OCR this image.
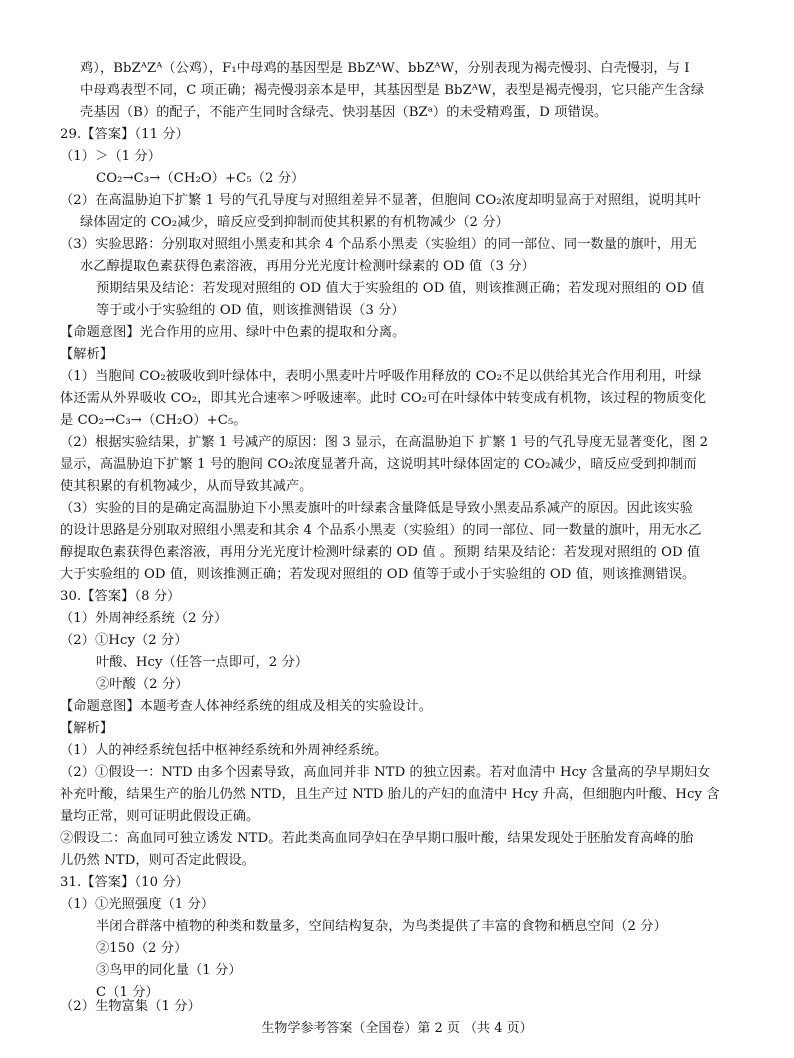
鸡），BbZᴬZᴬ（公鸡），F₁中母鸡的基因型是 BbZᴬW、bbZᴬW，分别表现为褐壳慢羽、白壳慢羽，与 I
中母鸡表型不同，C 项正确；褐壳慢羽亲本是甲，其基因型是 BbZᴬW，表型是褐壳慢羽，它只能产生含绿
壳基因（B）的配子，不能产生同时含绿壳、快羽基因（BZᵃ）的未受精鸡蛋，D 项错误。
29.【答案】（11 分）
（1）＞（1 分）
CO₂→C₃→（CH₂O）+C₅（2 分）
（2）在高温胁迫下扩繁 1 号的气孔导度与对照组差异不显著，但胞间 CO₂浓度却明显高于对照组，说明其叶
绿体固定的 CO₂减少，暗反应受到抑制而使其积累的有机物减少（2 分）
（3）实验思路：分别取对照组小黑麦和其余 4 个品系小黑麦（实验组）的同一部位、同一数量的旗叶，用无
水乙醇提取色素获得色素溶液，再用分光光度计检测叶绿素的 OD 值（3 分）
预期结果及结论：若发现对照组的 OD 值大于实验组的 OD 值，则该推测正确；若发现对照组的 OD 值
等于或小于实验组的 OD 值，则该推测错误（3 分）
【命题意图】光合作用的应用、绿叶中色素的提取和分离。
【解析】
（1）当胞间 CO₂被吸收到叶绿体中，表明小黑麦叶片呼吸作用释放的 CO₂不足以供给其光合作用利用，叶绿
体还需从外界吸收 CO₂，即其光合速率＞呼吸速率。此时 CO₂可在叶绿体中转变成有机物，该过程的物质变化
是 CO₂→C₃→（CH₂O）+C₅。
（2）根据实验结果，扩繁 1 号减产的原因：图 3 显示，在高温胁迫下 扩繁 1 号的气孔导度无显著变化，图 2
显示，高温胁迫下扩繁 1 号的胞间 CO₂浓度显著升高，这说明其叶绿体固定的 CO₂减少，暗反应受到抑制而
使其积累的有机物减少，从而导致其减产。
（3）实验的目的是确定高温胁迫下小黑麦旗叶的叶绿素含量降低是导致小黑麦品系减产的原因。因此该实验
的设计思路是分别取对照组小黑麦和其余 4 个品系小黑麦（实验组）的同一部位、同一数量的旗叶，用无水乙
醇提取色素获得色素溶液，再用分光光度计检测叶绿素的 OD 值 。预期 结果及结论：若发现对照组的 OD 值
大于实验组的 OD 值，则该推测正确；若发现对照组的 OD 值等于或小于实验组的 OD 值，则该推测错误。
30.【答案】（8 分）
（1）外周神经系统（2 分）
（2）①Hcy（2 分）
叶酸、Hcy（任答一点即可，2 分）
②叶酸（2 分）
【命题意图】本题考查人体神经系统的组成及相关的实验设计。
【解析】
（1）人的神经系统包括中枢神经系统和外周神经系统。
（2）①假设一：NTD 由多个因素导致，高血同并非 NTD 的独立因素。若对血清中 Hcy 含量高的孕早期妇女
补充叶酸，结果生产的胎儿仍然 NTD，且生产过 NTD 胎儿的产妇的血清中 Hcy 升高，但细胞内叶酸、Hcy 含
量均正常，则可证明此假设正确。
②假设二：高血同可独立诱发 NTD。若此类高血同孕妇在孕早期口服叶酸，结果发现处于胚胎发育高峰的胎
儿仍然 NTD，则可否定此假设。
31.【答案】（10 分）
（1）①光照强度（1 分）
半闭合群落中植物的种类和数量多，空间结构复杂，为鸟类提供了丰富的食物和栖息空间（2 分）
②150（2 分）
③鸟甲的同化量（1 分）
C（1 分）
（2）生物富集（1 分）
生物学参考答案（全国卷）第 2 页 （共 4 页）
